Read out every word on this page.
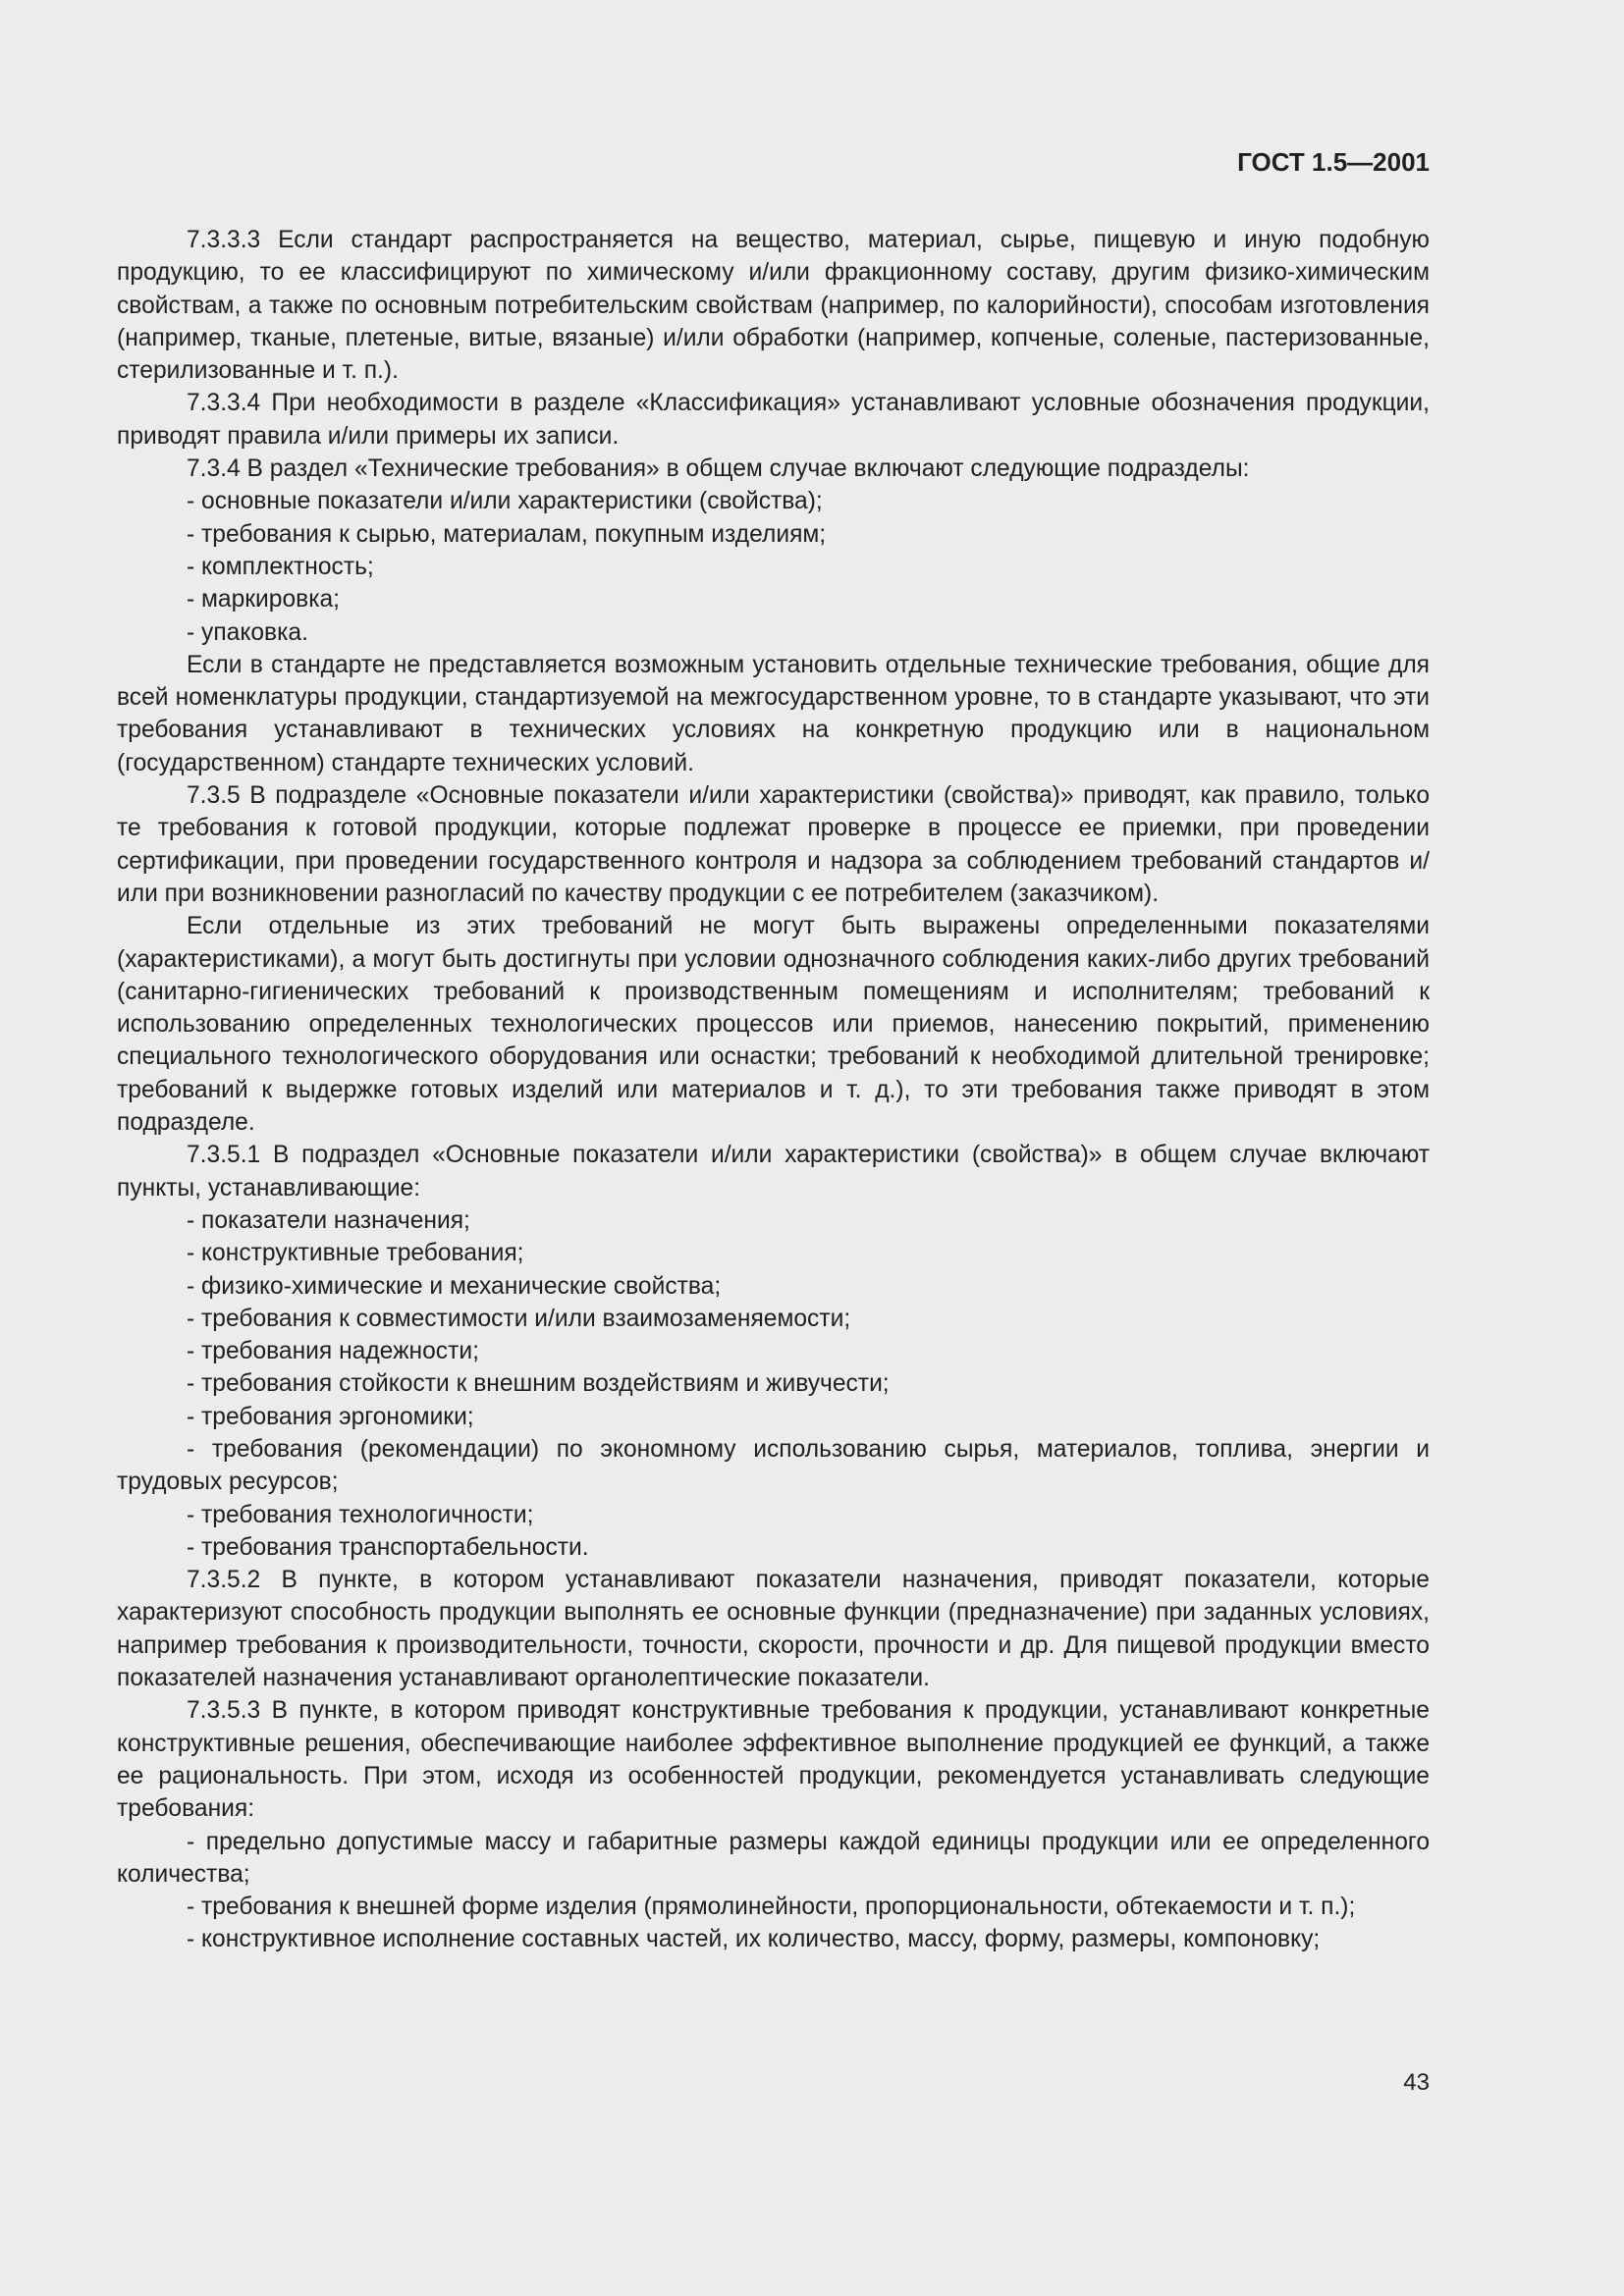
ГОСТ 1.5—2001

7.3.3.3 Если стандарт распространяется на вещество, материал, сырье, пищевую и иную подобную продукцию, то ее классифицируют по химическому и/или фракционному составу, другим физико-химическим свойствам, а также по основным потребительским свойствам (например, по калорийности), способам изготовления (например, тканые, плетеные, витые, вязаные) и/или обработки (например, копченые, соленые, пастеризованные, стерилизованные и т. п.).

7.3.3.4 При необходимости в разделе «Классификация» устанавливают условные обозначения продукции, приводят правила и/или примеры их записи.

7.3.4 В раздел «Технические требования» в общем случае включают следующие подразделы:

- основные показатели и/или характеристики (свойства);

- требования к сырью, материалам, покупным изделиям;

- комплектность;

- маркировка;

- упаковка.

Если в стандарте не представляется возможным установить отдельные технические требования, общие для всей номенклатуры продукции, стандартизуемой на межгосударственном уровне, то в стандарте указывают, что эти требования устанавливают в технических условиях на конкретную продукцию или в национальном (государственном) стандарте технических условий.

7.3.5 В подразделе «Основные показатели и/или характеристики (свойства)» приводят, как правило, только те требования к готовой продукции, которые подлежат проверке в процессе ее приемки, при проведении сертификации, при проведении государственного контроля и надзора за соблюдением требований стандартов и/или при возникновении разногласий по качеству продукции с ее потребителем (заказчиком).

Если отдельные из этих требований не могут быть выражены определенными показателями (характеристиками), а могут быть достигнуты при условии однозначного соблюдения каких-либо других требований (санитарно-гигиенических требований к производственным помещениям и исполнителям; требований к использованию определенных технологических процессов или приемов, нанесению покрытий, применению специального технологического оборудования или оснастки; требований к необходимой длительной тренировке; требований к выдержке готовых изделий или материалов и т. д.), то эти требования также приводят в этом подразделе.

7.3.5.1 В подраздел «Основные показатели и/или характеристики (свойства)» в общем случае включают пункты, устанавливающие:

- показатели назначения;

- конструктивные требования;

- физико-химические и механические свойства;

- требования к совместимости и/или взаимозаменяемости;

- требования надежности;

- требования стойкости к внешним воздействиям и живучести;

- требования эргономики;

- требования (рекомендации) по экономному использованию сырья, материалов, топлива, энергии и трудовых ресурсов;

- требования технологичности;

- требования транспортабельности.

7.3.5.2 В пункте, в котором устанавливают показатели назначения, приводят показатели, которые характеризуют способность продукции выполнять ее основные функции (предназначение) при заданных условиях, например требования к производительности, точности, скорости, прочности и др. Для пищевой продукции вместо показателей назначения устанавливают органолептические показатели.

7.3.5.3 В пункте, в котором приводят конструктивные требования к продукции, устанавливают конкретные конструктивные решения, обеспечивающие наиболее эффективное выполнение продукцией ее функций, а также ее рациональность. При этом, исходя из особенностей продукции, рекомендуется устанавливать следующие требования:

- предельно допустимые массу и габаритные размеры каждой единицы продукции или ее определенного количества;

- требования к внешней форме изделия (прямолинейности, пропорциональности, обтекаемости и т. п.);

- конструктивное исполнение составных частей, их количество, массу, форму, размеры, компоновку;

43
